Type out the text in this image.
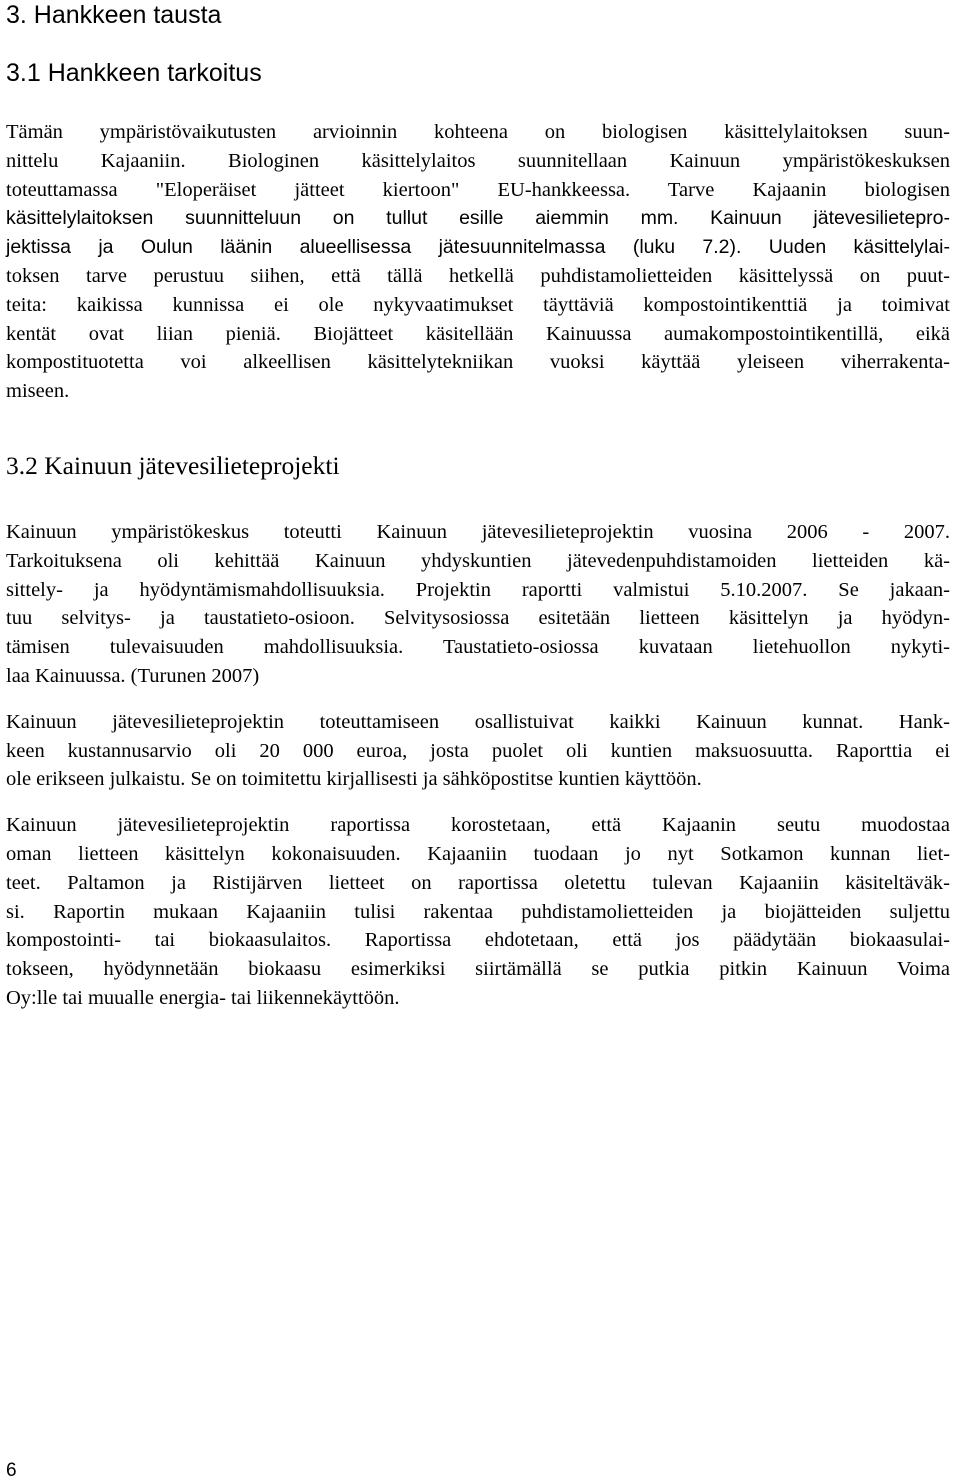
3. Hankkeen tausta
3.1 Hankkeen tarkoitus
Tämän ympäristövaikutusten arvioinnin kohteena on biologisen käsittelylaitoksen suun-
nittelu Kajaaniin. Biologinen käsittelylaitos suunnitellaan Kainuun ympäristökeskuksen
toteuttamassa "Eloperäiset jätteet kiertoon" EU-hankkeessa. Tarve Kajaanin biologisen
käsittelylaitoksen suunnitteluun on tullut esille aiemmin mm. Kainuun jätevesilieteprо-
jektissa ja Oulun läänin alueellisessa jätesuunnitelmassa (luku 7.2). Uuden käsittelylai-
toksen tarve perustuu siihen, että tällä hetkellä puhdistamolietteiden käsittelyssä on puut-
teita: kaikissa kunnissa ei ole nykyvaatimukset täyttäviä kompostointikenttiä ja toimivat
kentät ovat liian pieniä. Biojätteet käsitellään Kainuussa aumakompostointikentillä, eikä
kompostituotetta voi alkeellisen käsittelytekniikan vuoksi käyttää yleiseen viherrakenta-
miseen.
3.2 Kainuun jätevesilieteprojekti
Kainuun ympäristökeskus toteutti Kainuun jätevesilieteprojektin vuosina 2006 - 2007.
Tarkoituksena oli kehittää Kainuun yhdyskuntien jätevedenpuhdistamoiden lietteiden kä-
sittely- ja hyödyntämismahdollisuuksia. Projektin raportti valmistui 5.10.2007. Se jakaan-
tuu selvitys- ja taustatieto-osioon. Selvitysosiossa esitetään lietteen käsittelyn ja hyödyn-
tämisen tulevaisuuden mahdollisuuksia. Taustatieto-osiossa kuvataan lietehuollon nykyti-
laa Kainuussa. (Turunen 2007)
Kainuun jätevesilieteprojektin toteuttamiseen osallistuivat kaikki Kainuun kunnat. Hank-
keen kustannusarvio oli 20 000 euroa, josta puolet oli kuntien maksuosuutta. Raporttia ei
ole erikseen julkaistu. Se on toimitettu kirjallisesti ja sähköpostitse kuntien käyttöön.
Kainuun jätevesilieteprojektin raportissa korostetaan, että Kajaanin seutu muodostaa
oman lietteen käsittelyn kokonaisuuden. Kajaaniin tuodaan jo nyt Sotkamon kunnan liet-
teet. Paltamon ja Ristijärven lietteet on raportissa oletettu tulevan Kajaaniin käsiteltäväk-
si. Raportin mukaan Kajaaniin tulisi rakentaa puhdistamolietteiden ja biojätteiden suljettu
kompostointi- tai biokaasulaitos. Raportissa ehdotetaan, että jos päädytään biokaasulai-
tokseen, hyödynnetään biokaasu esimerkiksi siirtämällä se putkia pitkin Kainuun Voima
Oy:lle tai muualle energia- tai liikennekäyttöön.
6
